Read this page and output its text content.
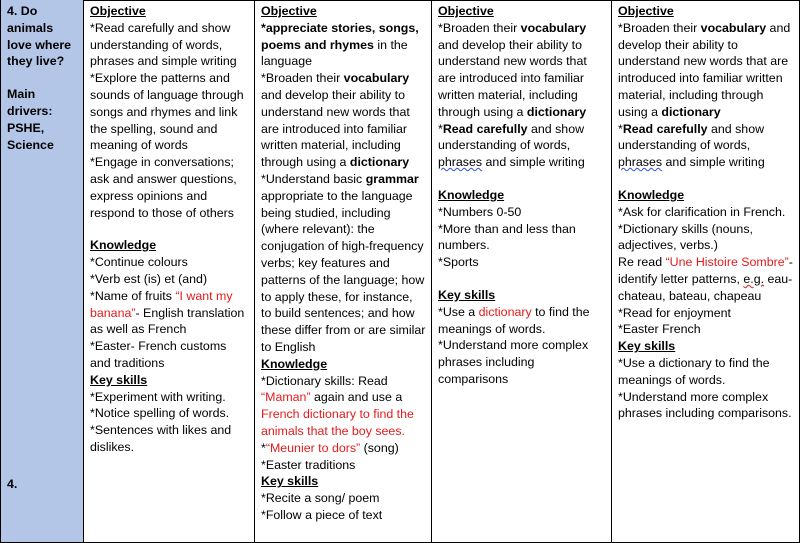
4. Do animals love where they live?

Main drivers:

PSHE, Science

4.
Objective

*Read carefully and show understanding of words, phrases and simple writing

*Explore the patterns and sounds of language through songs and rhymes and link the spelling, sound and meaning of words

*Engage in conversations; ask and answer questions, express opinions and respond to those of others

Knowledge

*Continue colours

*Verb est (is) et (and)

*Name of fruits “I want my banana”- English translation as well as French

*Easter- French customs and traditions

Key skills

*Experiment with writing.

*Notice spelling of words.

*Sentences with likes and dislikes.

Objective

*appreciate stories, songs, poems and rhymes in the language

*Broaden their vocabulary and develop their ability to understand new words that are introduced into familiar written material, including through using a dictionary

*Understand basic grammar appropriate to the language being studied, including (where relevant): the conjugation of high-frequency verbs; key features and patterns of the language; how to apply these, for instance, to build sentences; and how these differ from or are similar to English

Knowledge

*Dictionary skills: Read “Maman” again and use a French dictionary to find the animals that the boy sees.

*“Meunier to dors” (song)

*Easter traditions

Key skills

*Recite a song/ poem

*Follow a piece of text

Objective

*Broaden their vocabulary and develop their ability to understand new words that are introduced into familiar written material, including through using a dictionary

*Read carefully and show understanding of words, phrases and simple writing

Knowledge

*Numbers 0-50

*More than and less than numbers.

*Sports

Key skills

*Use a dictionary to find the meanings of words.

*Understand more complex phrases including comparisons

Objective

*Broaden their vocabulary and develop their ability to understand new words that are introduced into familiar written material, including through using a dictionary

*Read carefully and show understanding of words, phrases and simple writing

Knowledge

*Ask for clarification in French.

*Dictionary skills (nouns, adjectives, verbs.)

Re read “Une Histoire Sombre”- identify letter patterns, e.g. eau-chateau, bateau, chapeau

*Read for enjoyment

*Easter French

Key skills

*Use a dictionary to find the meanings of words.

*Understand more complex phrases including comparisons.
